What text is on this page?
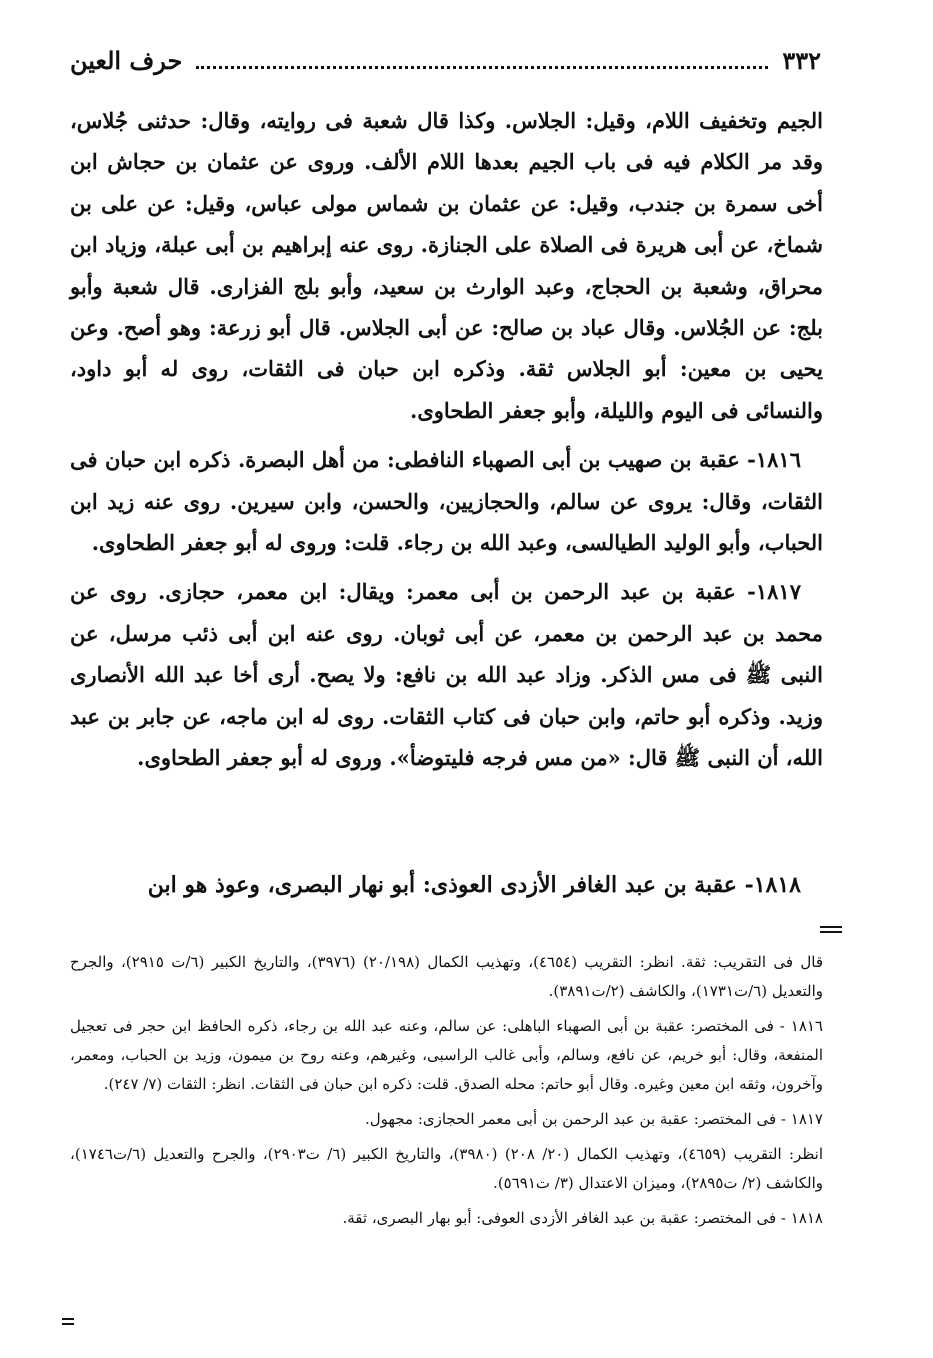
٣٣٢
حرف العين

الجيم وتخفيف اللام، وقيل: الجلاس. وكذا قال شعبة فى روايته، وقال: حدثنى جُلاس، وقد مر الكلام فيه فى باب الجيم بعدها اللام الألف. وروى عن عثمان بن حجاش ابن أخى سمرة بن جندب، وقيل: عن عثمان بن شماس مولى عباس، وقيل: عن على بن شماخ، عن أبى هريرة فى الصلاة على الجنازة. روى عنه إبراهيم بن أبى عبلة، وزياد ابن محراق، وشعبة بن الحجاج، وعبد الوارث بن سعيد، وأبو بلج الفزارى. قال شعبة وأبو بلج: عن الجُلاس. وقال عباد بن صالح: عن أبى الجلاس. قال أبو زرعة: وهو أصح. وعن يحيى بن معين: أبو الجلاس ثقة. وذكره ابن حبان فى الثقات، روى له أبو داود، والنسائى فى اليوم والليلة، وأبو جعفر الطحاوى.

١٨١٦- عقبة بن صهيب بن أبى الصهباء النافطى: من أهل البصرة. ذكره ابن حبان فى الثقات، وقال: يروى عن سالم، والحجازيين، والحسن، وابن سيرين. روى عنه زيد ابن الحباب، وأبو الوليد الطيالسى، وعبد الله بن رجاء. قلت: وروى له أبو جعفر الطحاوى.

١٨١٧- عقبة بن عبد الرحمن بن أبى معمر: ويقال: ابن معمر، حجازى. روى عن محمد بن عبد الرحمن بن معمر، عن أبى ثوبان. روى عنه ابن أبى ذئب مرسل، عن النبى ﷺ فى مس الذكر. وزاد عبد الله بن نافع: ولا يصح. أرى أخا عبد الله الأنصارى وزيد. وذكره أبو حاتم، وابن حبان فى كتاب الثقات. روى له ابن ماجه، عن جابر بن عبد الله، أن النبى ﷺ قال: «من مس فرجه فليتوضأ». وروى له أبو جعفر الطحاوى.

١٨١٨- عقبة بن عبد الغافر الأزدى العوذى: أبو نهار البصرى، وعوذ هو ابن

قال فى التقريب: ثقة. انظر: التقريب (٤٦٥٤)، وتهذيب الكمال (٢٠/١٩٨) (٣٩٧٦)، والتاريخ الكبير (٦/ت ٢٩١٥)، والجرح والتعديل (٦/ت١٧٣١)، والكاشف (٢/ت٣٨٩١).

١٨١٦ - فى المختصر: عقبة بن أبى الصهباء الباهلى: عن سالم، وعنه عبد الله بن رجاء، ذكره الحافظ ابن حجر فى تعجيل المنفعة، وقال: أبو خريم، عن نافع، وسالم، وأبى غالب الراسبى، وغيرهم، وعنه روح بن ميمون، وزيد بن الحباب، ومعمر، وآخرون، وثقه ابن معين وغيره. وقال أبو حاتم: محله الصدق. قلت: ذكره ابن حبان فى الثقات. انظر: الثقات (٧/ ٢٤٧).

١٨١٧ - فى المختصر: عقبة بن عبد الرحمن بن أبى معمر الحجازى: مجهول.

انظر: التقريب (٤٦٥٩)، وتهذيب الكمال (٢٠/ ٢٠٨) (٣٩٨٠)، والتاريخ الكبير (٦/ ت٢٩٠٣)، والجرح والتعديل (٦/ت١٧٤٦)، والكاشف (٢/ ت٢٨٩٥)، وميزان الاعتدال (٣/ ت٥٦٩١).

١٨١٨ - فى المختصر: عقبة بن عبد الغافر الأزدى العوفى: أبو بهار البصرى، ثقة.
